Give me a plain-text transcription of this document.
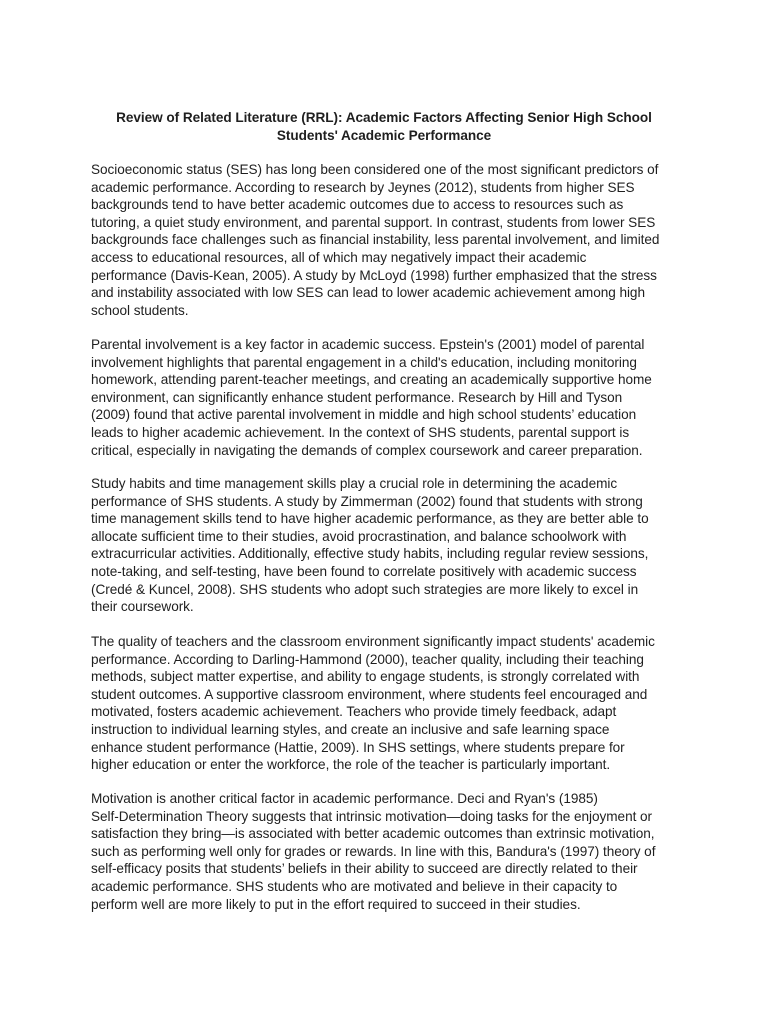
Review of Related Literature (RRL): Academic Factors Affecting Senior High School
Students' Academic Performance
Socioeconomic status (SES) has long been considered one of the most significant predictors of
academic performance. According to research by Jeynes (2012), students from higher SES
backgrounds tend to have better academic outcomes due to access to resources such as
tutoring, a quiet study environment, and parental support. In contrast, students from lower SES
backgrounds face challenges such as financial instability, less parental involvement, and limited
access to educational resources, all of which may negatively impact their academic
performance (Davis-Kean, 2005). A study by McLoyd (1998) further emphasized that the stress
and instability associated with low SES can lead to lower academic achievement among high
school students.
Parental involvement is a key factor in academic success. Epstein's (2001) model of parental
involvement highlights that parental engagement in a child's education, including monitoring
homework, attending parent-teacher meetings, and creating an academically supportive home
environment, can significantly enhance student performance. Research by Hill and Tyson
(2009) found that active parental involvement in middle and high school students’ education
leads to higher academic achievement. In the context of SHS students, parental support is
critical, especially in navigating the demands of complex coursework and career preparation.
Study habits and time management skills play a crucial role in determining the academic
performance of SHS students. A study by Zimmerman (2002) found that students with strong
time management skills tend to have higher academic performance, as they are better able to
allocate sufficient time to their studies, avoid procrastination, and balance schoolwork with
extracurricular activities. Additionally, effective study habits, including regular review sessions,
note-taking, and self-testing, have been found to correlate positively with academic success
(Credé & Kuncel, 2008). SHS students who adopt such strategies are more likely to excel in
their coursework.
The quality of teachers and the classroom environment significantly impact students' academic
performance. According to Darling-Hammond (2000), teacher quality, including their teaching
methods, subject matter expertise, and ability to engage students, is strongly correlated with
student outcomes. A supportive classroom environment, where students feel encouraged and
motivated, fosters academic achievement. Teachers who provide timely feedback, adapt
instruction to individual learning styles, and create an inclusive and safe learning space
enhance student performance (Hattie, 2009). In SHS settings, where students prepare for
higher education or enter the workforce, the role of the teacher is particularly important.
Motivation is another critical factor in academic performance. Deci and Ryan's (1985)
Self-Determination Theory suggests that intrinsic motivation—doing tasks for the enjoyment or
satisfaction they bring—is associated with better academic outcomes than extrinsic motivation,
such as performing well only for grades or rewards. In line with this, Bandura's (1997) theory of
self-efficacy posits that students’ beliefs in their ability to succeed are directly related to their
academic performance. SHS students who are motivated and believe in their capacity to
perform well are more likely to put in the effort required to succeed in their studies.
